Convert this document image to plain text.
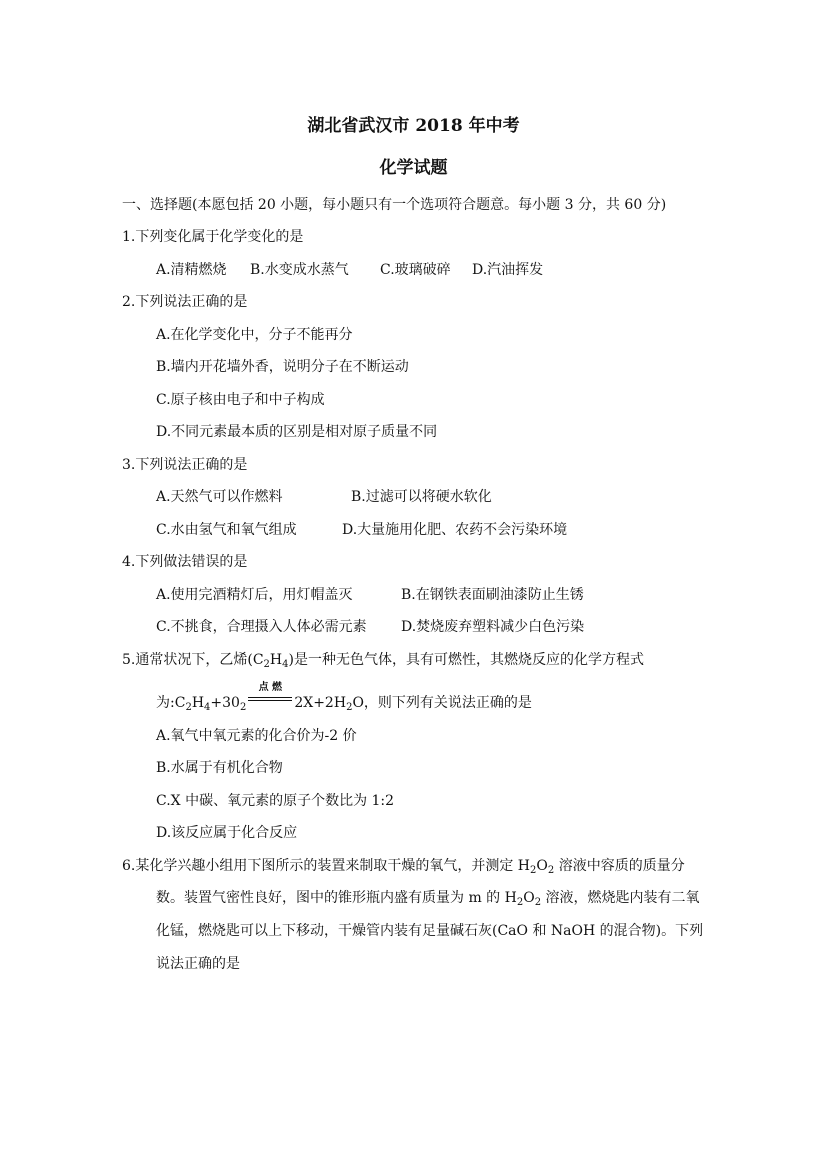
湖北省武汉市 2018 年中考
化学试题
一、选择题(本愿包括 20 小题，每小题只有一个选项符合题意。每小题 3 分，共 60 分)
1.下列变化属于化学变化的是
A.清精燃烧 B.水变成水蒸气 C.玻璃破碎 D.汽油挥发
2.下列说法正确的是
A.在化学变化中，分子不能再分
B.墙内开花墙外香，说明分子在不断运动
C.原子核由电子和中子构成
D.不同元素最本质的区别是相对原子质量不同
3.下列说法正确的是
A.天然气可以作燃料	B.过滤可以将硬水软化
C.水由氢气和氧气组成	D.大量施用化肥、农药不会污染环境
4.下列做法错误的是
A.使用完酒精灯后，用灯帽盖灭	B.在钢铁表面刷油漆防止生锈
C.不挑食，合理摄入人体必需元素 D.焚烧废弃塑料减少白色污染
5.通常状况下，乙烯$(C_2H_4)$是一种无色气体，具有可燃性，其燃烧反应的化学方程式
为$:C_2H_4+30_2$
点 燃
$2X+2H_2O$，则下列有关说法正确的是
A.氧气中氧元素的化合价为-2 价
B.水属于有机化合物
C.X 中碳、氧元素的原子个数比为 1:2
D.该反应属于化合反应
6.某化学兴趣小组用下图所示的装置来制取干燥的氧气，并测定 $H_2O_2$ 溶液中容质的质量分
数。装置气密性良好，图中的锥形瓶内盛有质量为 m 的 $H_2O_2$ 溶液，燃烧匙内装有二氧
化锰，燃烧匙可以上下移动，干燥管内装有足量碱石灰(CaO 和 NaOH 的混合物)。下列
说法正确的是
